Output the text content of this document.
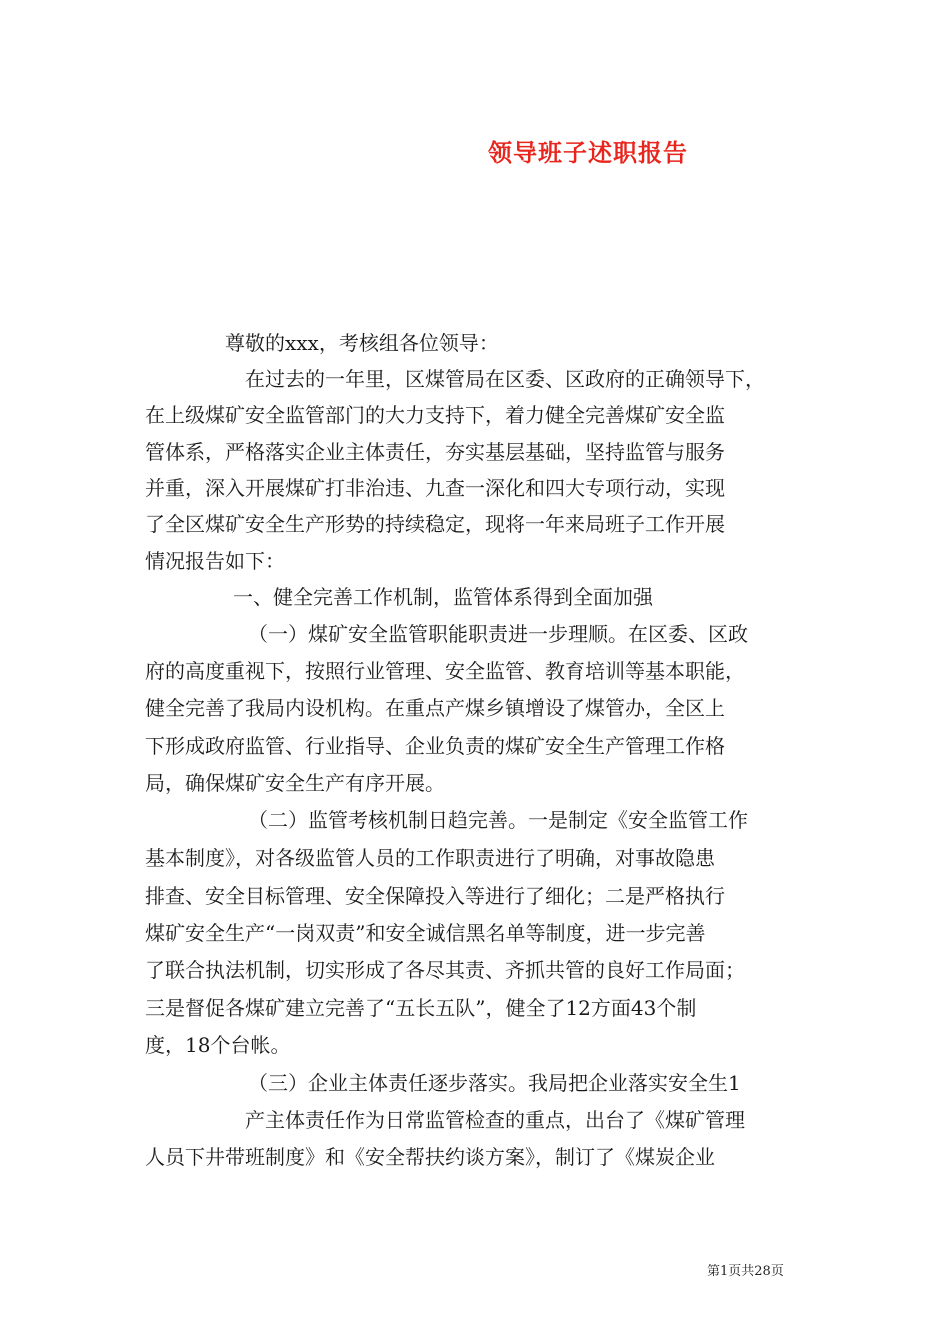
领导班子述职报告
尊敬的xxx，考核组各位领导：
在过去的一年里，区煤管局在区委、区政府的正确领导下，
在上级煤矿安全监管部门的大力支持下，着力健全完善煤矿安全监
管体系，严格落实企业主体责任，夯实基层基础，坚持监管与服务
并重，深入开展煤矿打非治违、九查一深化和四大专项行动，实现
了全区煤矿安全生产形势的持续稳定，现将一年来局班子工作开展
情况报告如下：
一、健全完善工作机制，监管体系得到全面加强
（一）煤矿安全监管职能职责进一步理顺。在区委、区政
府的高度重视下，按照行业管理、安全监管、教育培训等基本职能，
健全完善了我局内设机构。在重点产煤乡镇增设了煤管办，全区上
下形成政府监管、行业指导、企业负责的煤矿安全生产管理工作格
局，确保煤矿安全生产有序开展。
（二）监管考核机制日趋完善。一是制定《安全监管工作
基本制度》，对各级监管人员的工作职责进行了明确，对事故隐患
排查、安全目标管理、安全保障投入等进行了细化；二是严格执行
煤矿安全生产“一岗双责”和安全诚信黑名单等制度，进一步完善
了联合执法机制，切实形成了各尽其责、齐抓共管的良好工作局面；
三是督促各煤矿建立完善了“五长五队”，健全了12方面43个制
度，18个台帐。
（三）企业主体责任逐步落实。我局把企业落实安全生1
产主体责任作为日常监管检查的重点，出台了《煤矿管理
人员下井带班制度》和《安全帮扶约谈方案》，制订了《煤炭企业
第1页共28页
